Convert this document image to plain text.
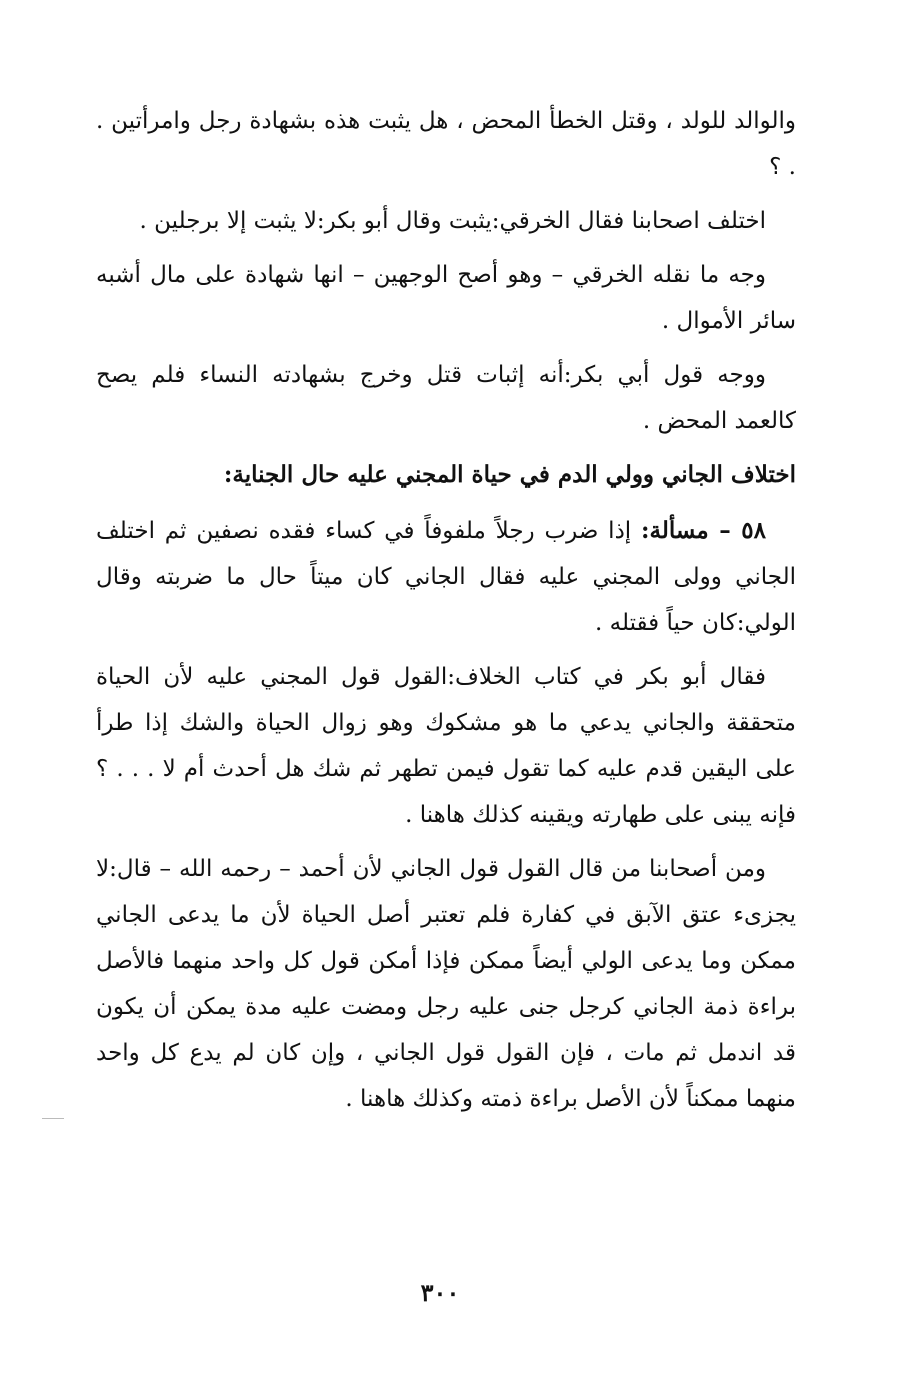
والوالد للولد ، وقتل الخطأ المحض ، هل يثبت هذه بشهادة رجل وامرأتين . . ؟

اختلف اصحابنا فقال الخرقي:يثبت وقال أبو بكر:لا يثبت إلا برجلين .

وجه ما نقله الخرقي – وهو أصح الوجهين – انها شهادة على مال أشبه سائر الأموال .

ووجه قول أبي بكر:أنه إثبات قتل وخرج بشهادته النساء فلم يصح كالعمد المحض .

اختلاف الجاني وولي الدم في حياة المجني عليه حال الجناية:

٥٨ – مسألة: إذا ضرب رجلاً ملفوفاً في كساء فقده نصفين ثم اختلف الجاني وولى المجني عليه فقال الجاني كان ميتاً حال ما ضربته وقال الولي:كان حياً فقتله .

فقال أبو بكر في كتاب الخلاف:القول قول المجني عليه لأن الحياة متحققة والجاني يدعي ما هو مشكوك وهو زوال الحياة والشك إذا طرأ على اليقين قدم عليه كما تقول فيمن تطهر ثم شك هل أحدث أم لا . . . ؟ فإنه يبنى على طهارته ويقينه كذلك هاهنا .

ومن أصحابنا من قال القول قول الجاني لأن أحمد – رحمه الله – قال:لا يجزىء عتق الآبق في كفارة فلم تعتبر أصل الحياة لأن ما يدعى الجاني ممكن وما يدعى الولي أيضاً ممكن فإذا أمكن قول كل واحد منهما فالأصل براءة ذمة الجاني كرجل جنى عليه رجل ومضت عليه مدة يمكن أن يكون قد اندمل ثم مات ، فإن القول قول الجاني ، وإن كان لم يدع كل واحد منهما ممكناً لأن الأصل براءة ذمته وكذلك هاهنا .

٣٠٠
